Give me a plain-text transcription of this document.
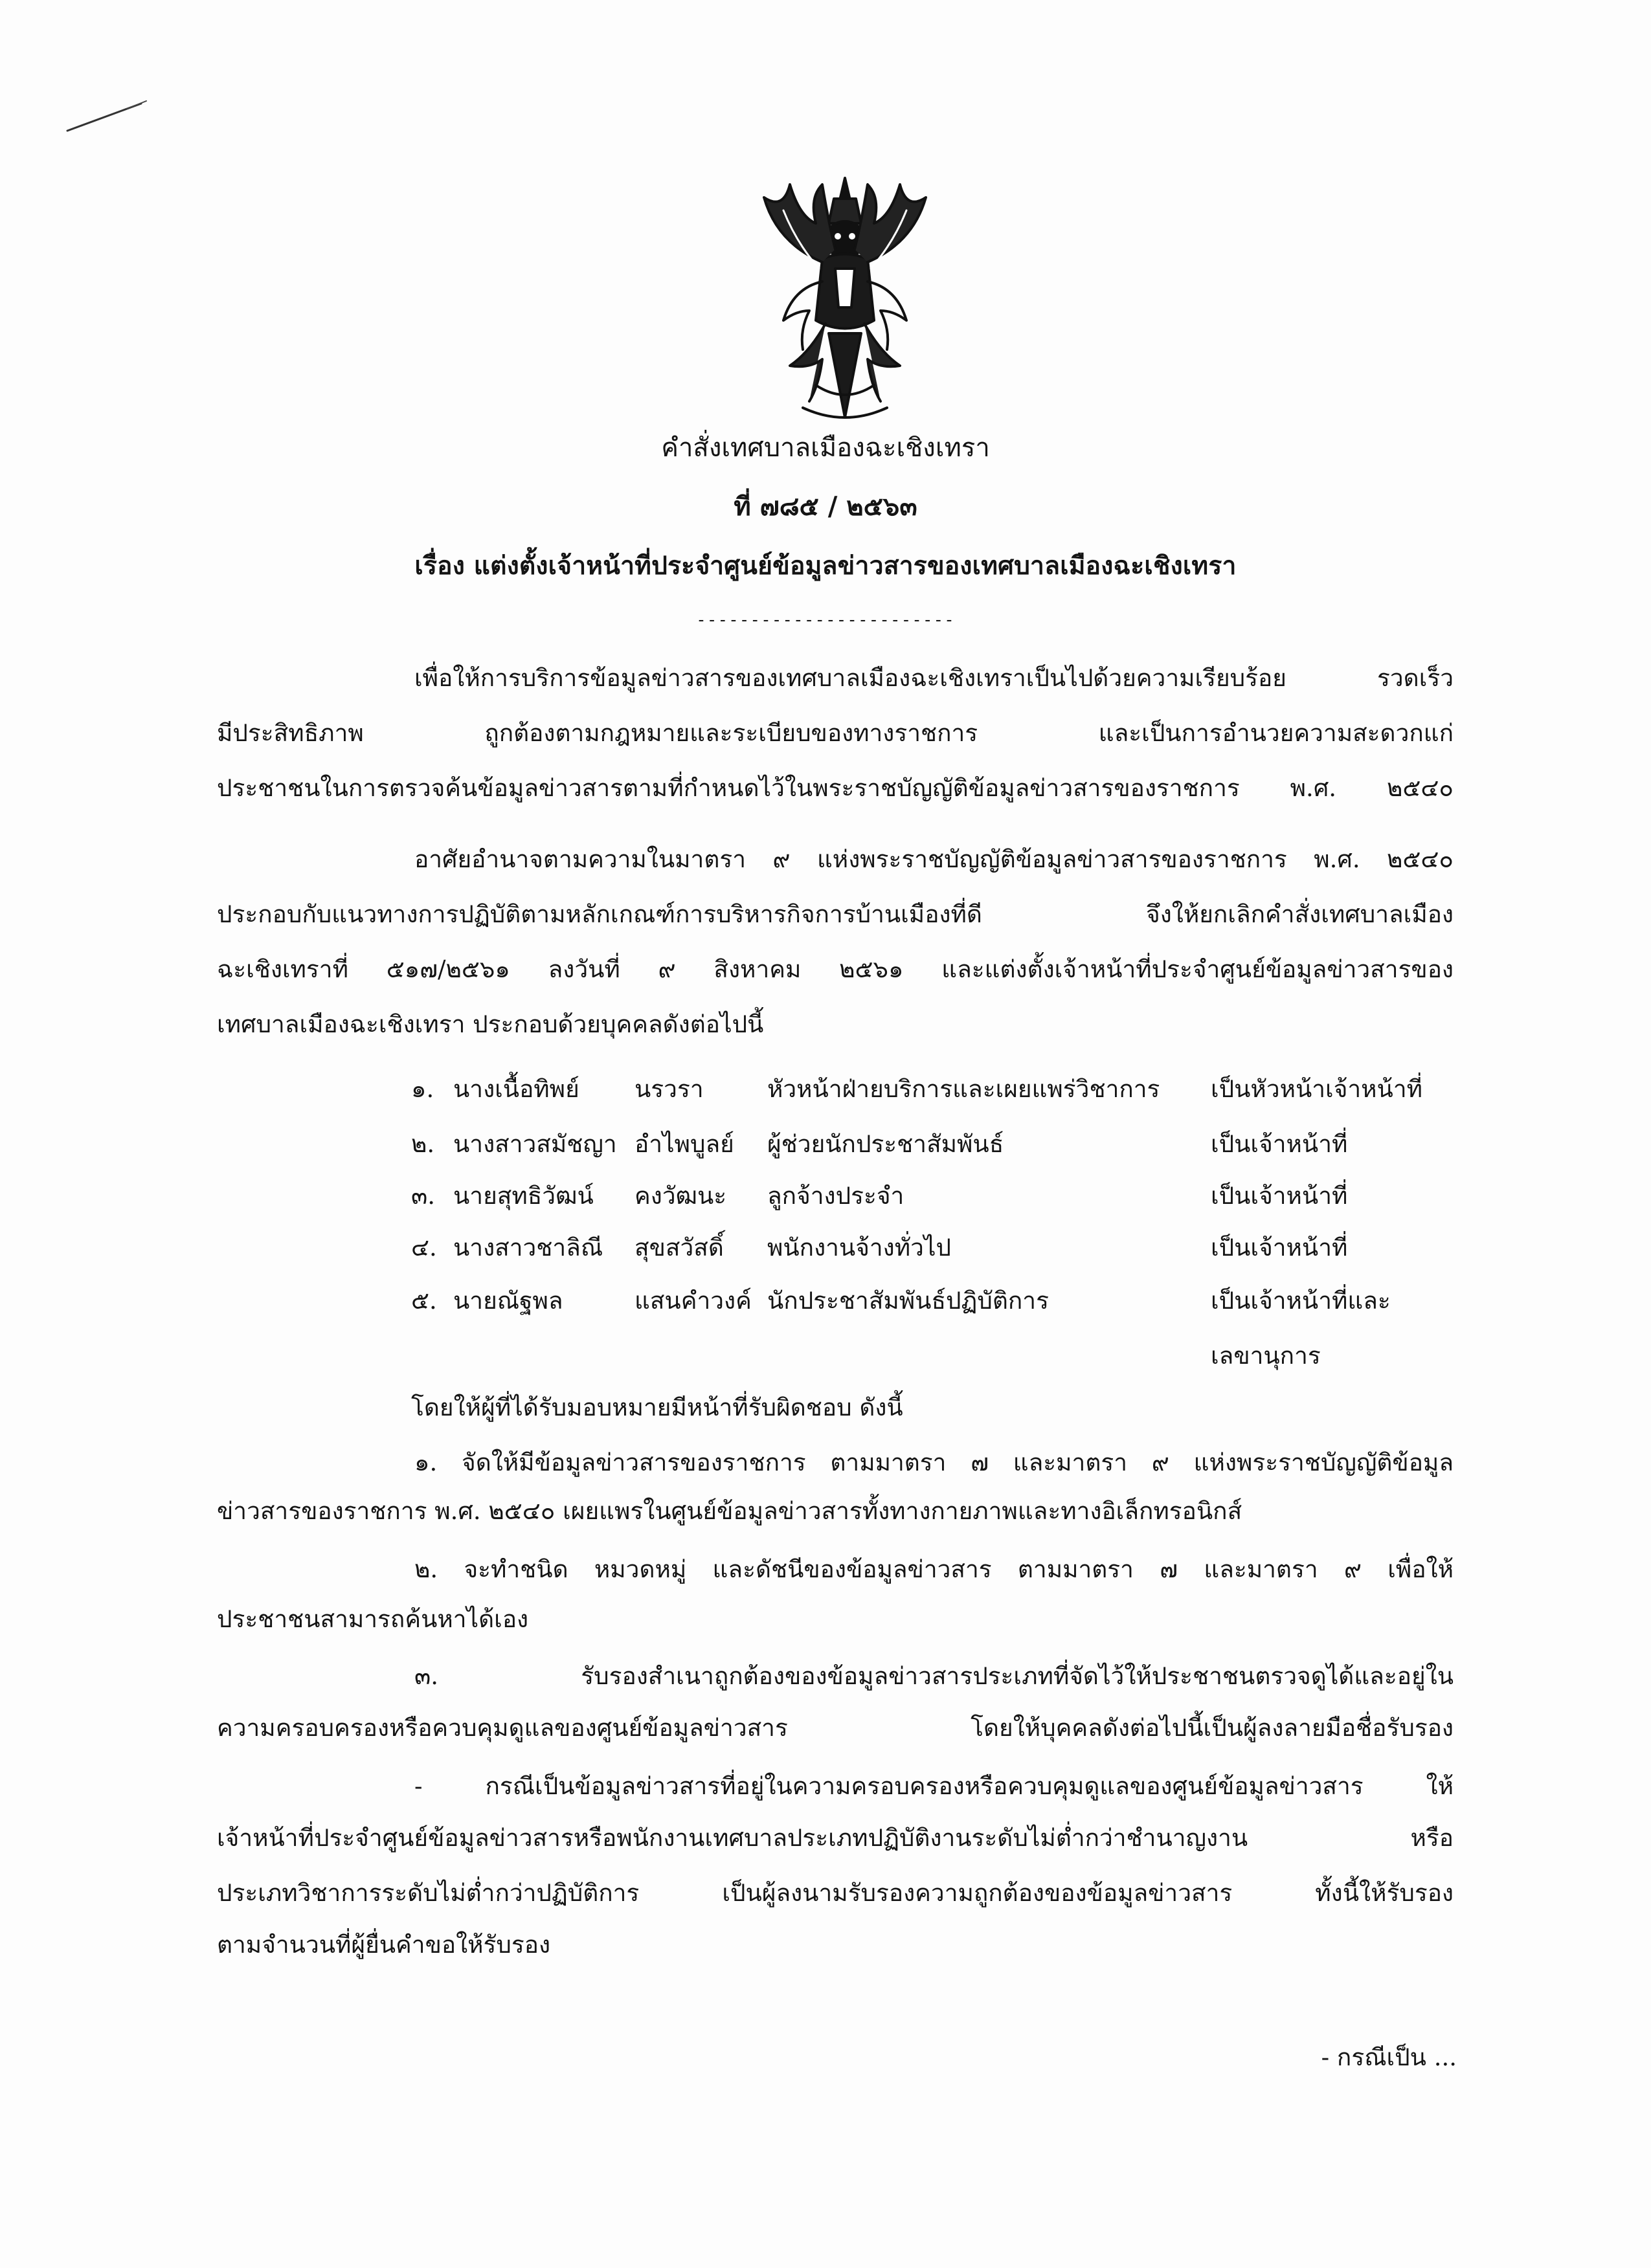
คำสั่งเทศบาลเมืองฉะเชิงเทรา
ที่ ๗๘๕ / ๒๕๖๓
เรื่อง แต่งตั้งเจ้าหน้าที่ประจำศูนย์ข้อมูลข่าวสารของเทศบาลเมืองฉะเชิงเทรา
------------------------
เพื่อให้การบริการข้อมูลข่าวสารของเทศบาลเมืองฉะเชิงเทราเป็นไปด้วยความเรียบร้อย รวดเร็ว
มีประสิทธิภาพ ถูกต้องตามกฎหมายและระเบียบของทางราชการ และเป็นการอำนวยความสะดวกแก่
ประชาชนในการตรวจค้นข้อมูลข่าวสารตามที่กำหนดไว้ในพระราชบัญญัติข้อมูลข่าวสารของราชการ พ.ศ. ๒๕๔๐
อาศัยอำนาจตามความในมาตรา ๙ แห่งพระราชบัญญัติข้อมูลข่าวสารของราชการ พ.ศ. ๒๕๔๐
ประกอบกับแนวทางการปฏิบัติตามหลักเกณฑ์การบริหารกิจการบ้านเมืองที่ดี จึงให้ยกเลิกคำสั่งเทศบาลเมือง
ฉะเชิงเทราที่ ๕๑๗/๒๕๖๑ ลงวันที่ ๙ สิงหาคม ๒๕๖๑ และแต่งตั้งเจ้าหน้าที่ประจำศูนย์ข้อมูลข่าวสารของ
เทศบาลเมืองฉะเชิงเทรา ประกอบด้วยบุคคลดังต่อไปนี้
๑. นางเนื้อทิพย์ นรวรา	หัวหน้าฝ่ายบริการและเผยแพร่วิชาการ เป็นหัวหน้าเจ้าหน้าที่
๒. นางสาวสมัชญา อำไพบูลย์ ผู้ช่วยนักประชาสัมพันธ์	เป็นเจ้าหน้าที่
๓. นายสุทธิวัฒน์ คงวัฒนะ ลูกจ้างประจำ	เป็นเจ้าหน้าที่
๔. นางสาวชาลิณี สุขสวัสดิ์ พนักงานจ้างทั่วไป	เป็นเจ้าหน้าที่
๕. นายณัฐพล	แสนคำวงค์ นักประชาสัมพันธ์ปฏิบัติการ	เป็นเจ้าหน้าที่และ
เลขานุการ
โดยให้ผู้ที่ได้รับมอบหมายมีหน้าที่รับผิดชอบ ดังนี้
๑. จัดให้มีข้อมูลข่าวสารของราชการ ตามมาตรา ๗ และมาตรา ๙ แห่งพระราชบัญญัติข้อมูล
ข่าวสารของราชการ พ.ศ. ๒๕๔๐ เผยแพรในศูนย์ข้อมูลข่าวสารทั้งทางกายภาพและทางอิเล็กทรอนิกส์
๒. จะทำชนิด หมวดหมู่ และดัชนีของข้อมูลข่าวสาร ตามมาตรา ๗ และมาตรา ๙ เพื่อให้
ประชาชนสามารถค้นหาได้เอง
๓. รับรองสำเนาถูกต้องของข้อมูลข่าวสารประเภทที่จัดไว้ให้ประชาชนตรวจดูได้และอยู่ใน
ความครอบครองหรือควบคุมดูแลของศูนย์ข้อมูลข่าวสาร โดยให้บุคคลดังต่อไปนี้เป็นผู้ลงลายมือชื่อรับรอง
- กรณีเป็นข้อมูลข่าวสารที่อยู่ในความครอบครองหรือควบคุมดูแลของศูนย์ข้อมูลข่าวสาร ให้
เจ้าหน้าที่ประจำศูนย์ข้อมูลข่าวสารหรือพนักงานเทศบาลประเภทปฏิบัติงานระดับไม่ต่ำกว่าชำนาญงาน หรือ
ประเภทวิชาการระดับไม่ต่ำกว่าปฏิบัติการ เป็นผู้ลงนามรับรองความถูกต้องของข้อมูลข่าวสาร ทั้งนี้ให้รับรอง
ตามจำนวนที่ผู้ยื่นคำขอให้รับรอง
- กรณีเป็น ...
